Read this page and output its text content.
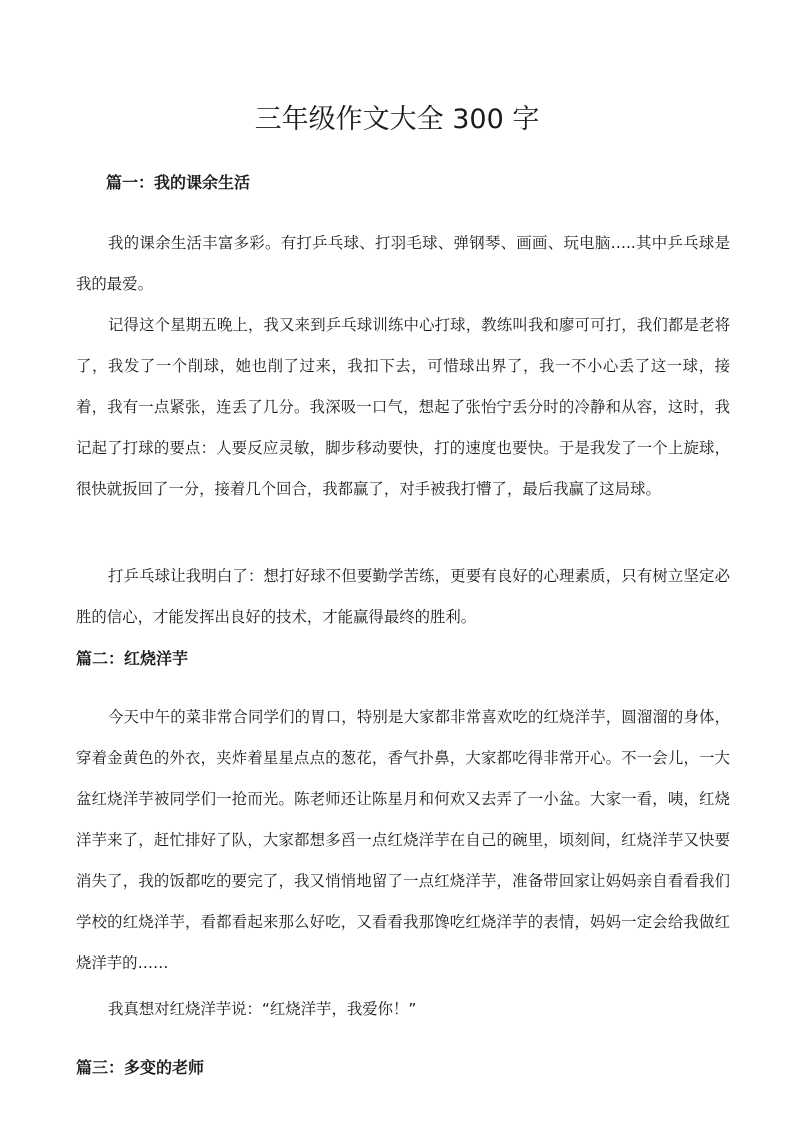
三年级作文大全 300 字
篇一：我的课余生活

我的课余生活丰富多彩。有打乒乓球、打羽毛球、弹钢琴、画画、玩电脑…..其中乒乓球是我的最爱。

记得这个星期五晚上，我又来到乒乓球训练中心打球，教练叫我和廖可可打，我们都是老将了，我发了一个削球，她也削了过来，我扣下去，可惜球出界了，我一不小心丢了这一球，接着，我有一点紧张，连丢了几分。我深吸一口气，想起了张怡宁丢分时的冷静和从容，这时，我记起了打球的要点：人要反应灵敏，脚步移动要快，打的速度也要快。于是我发了一个上旋球，很快就扳回了一分，接着几个回合，我都赢了，对手被我打懵了，最后我赢了这局球。

打乒乓球让我明白了：想打好球不但要勤学苦练，更要有良好的心理素质，只有树立坚定必胜的信心，才能发挥出良好的技术，才能赢得最终的胜利。

篇二：红烧洋芋

今天中午的菜非常合同学们的胃口，特别是大家都非常喜欢吃的红烧洋芋，圆溜溜的身体，穿着金黄色的外衣，夹炸着星星点点的葱花，香气扑鼻，大家都吃得非常开心。不一会儿，一大盆红烧洋芋被同学们一抢而光。陈老师还让陈星月和何欢又去弄了一小盆。大家一看，咦，红烧洋芋来了，赶忙排好了队，大家都想多舀一点红烧洋芋在自己的碗里，顷刻间，红烧洋芋又快要消失了，我的饭都吃的要完了，我又悄悄地留了一点红烧洋芋，准备带回家让妈妈亲自看看我们学校的红烧洋芋，看都看起来那么好吃，又看看我那馋吃红烧洋芋的表情，妈妈一定会给我做红烧洋芋的……

我真想对红烧洋芋说：“红烧洋芋，我爱你！”

篇三：多变的老师
